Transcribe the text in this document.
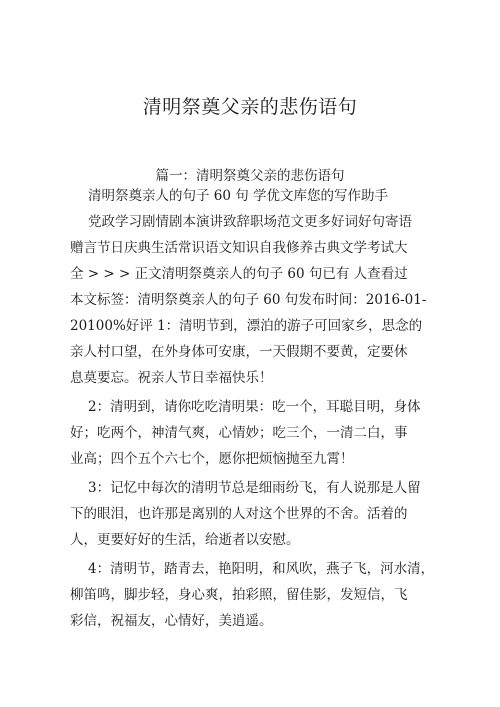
清明祭奠父亲的悲伤语句
篇一：清明祭奠父亲的悲伤语句
清明祭奠亲人的句子 60 句 学优文库您的写作助手
党政学习剧情剧本演讲致辞职场范文更多好词好句寄语
赠言节日庆典生活常识语文知识自我修养古典文学考试大
全 > > > 正文清明祭奠亲人的句子 60 句已有 人查看过
本文标签：清明祭奠亲人的句子 60 句发布时间：2016-01-
20100%好评 1：清明节到，漂泊的游子可回家乡，思念的
亲人村口望，在外身体可安康，一天假期不要黄，定要休
息莫要忘。祝亲人节日幸福快乐！
2：清明到，请你吃吃清明果：吃一个，耳聪目明，身体
好；吃两个，神清气爽，心情妙；吃三个，一清二白，事
业高；四个五个六七个，愿你把烦恼抛至九霄！
3：记忆中每次的清明节总是细雨纷飞，有人说那是人留
下的眼泪，也许那是离别的人对这个世界的不舍。活着的
人，更要好好的生活，给逝者以安慰。
4：清明节，踏青去，艳阳明，和风吹，燕子飞，河水清，
柳笛鸣，脚步轻，身心爽，拍彩照，留佳影，发短信，飞
彩信，祝福友，心情好，美逍遥。
